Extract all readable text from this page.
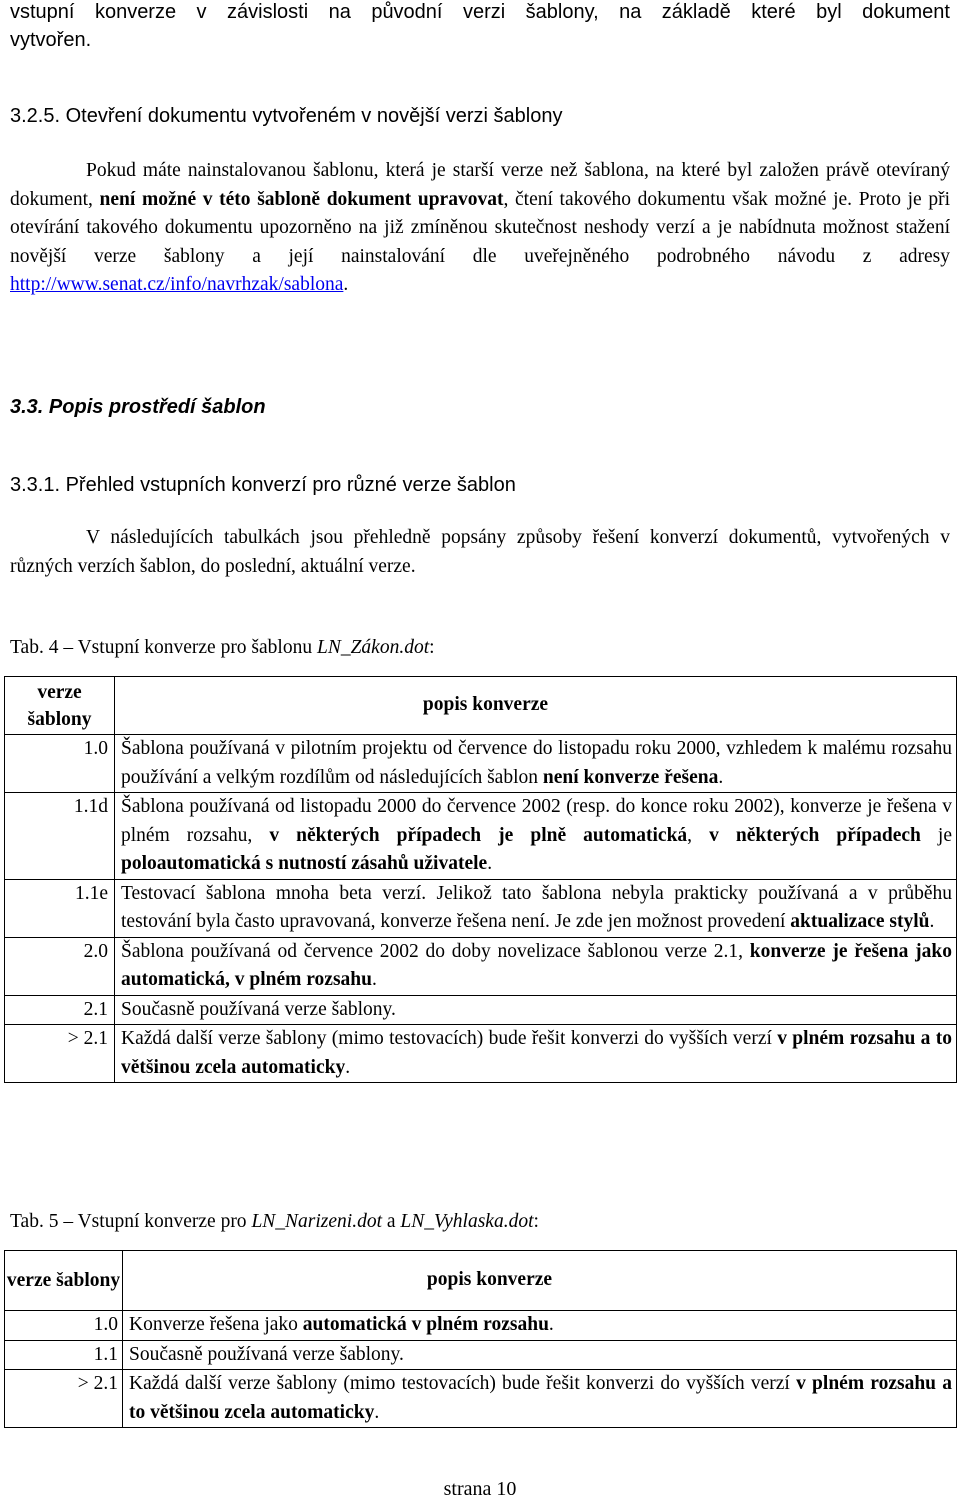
vstupní konverze v závislosti na původní verzi šablony, na základě které byl dokument

vytvořen.

3.2.5. Otevření dokumentu vytvořeném v novější verzi šablony

Pokud máte nainstalovanou šablonu, která je starší verze než šablona, na které byl založen právě otevíraný dokument, není možné v této šabloně dokument upravovat, čtení takového dokumentu však možné je. Proto je při otevírání takového dokumentu upozorněno na již zmíněnou skutečnost neshody verzí a je nabídnuta možnost stažení novější verze šablony a její nainstalování dle uveřejněného podrobného návodu z adresy http://www.senat.cz/info/navrhzak/sablona.

3.3. Popis prostředí šablon

3.3.1. Přehled vstupních konverzí pro různé verze šablon

V následujících tabulkách jsou přehledně popsány způsoby řešení konverzí dokumentů, vytvořených v různých verzích šablon, do poslední, aktuální verze.

Tab. 4 – Vstupní konverze pro šablonu LN_Zákon.dot:

verze šablony	popis konverze
1.0	Šablona používaná v pilotním projektu od července do listopadu roku 2000, vzhledem k malému rozsahu používání a velkým rozdílům od následujících šablon není konverze řešena.
1.1d	Šablona používaná od listopadu 2000 do července 2002 (resp. do konce roku 2002), konverze je řešena v plném rozsahu, v některých případech je plně automatická, v některých případech je poloautomatická s nutností zásahů uživatele.
1.1e	Testovací šablona mnoha beta verzí. Jelikož tato šablona nebyla prakticky používaná a v průběhu testování byla často upravovaná, konverze řešena není. Je zde jen možnost provedení aktualizace stylů.
2.0	Šablona používaná od července 2002 do doby novelizace šablonou verze 2.1, konverze je řešena jako automatická, v plném rozsahu.
2.1	Současně používaná verze šablony.
> 2.1	Každá další verze šablony (mimo testovacích) bude řešit konverzi do vyšších verzí v plném rozsahu a to většinou zcela automaticky.

Tab. 5 – Vstupní konverze pro LN_Narizeni.dot a LN_Vyhlaska.dot:

verze šablony	popis konverze
1.0	Konverze řešena jako automatická v plném rozsahu.
1.1	Současně používaná verze šablony.
> 2.1	Každá další verze šablony (mimo testovacích) bude řešit konverzi do vyšších verzí v plném rozsahu a to většinou zcela automaticky.

strana 10
